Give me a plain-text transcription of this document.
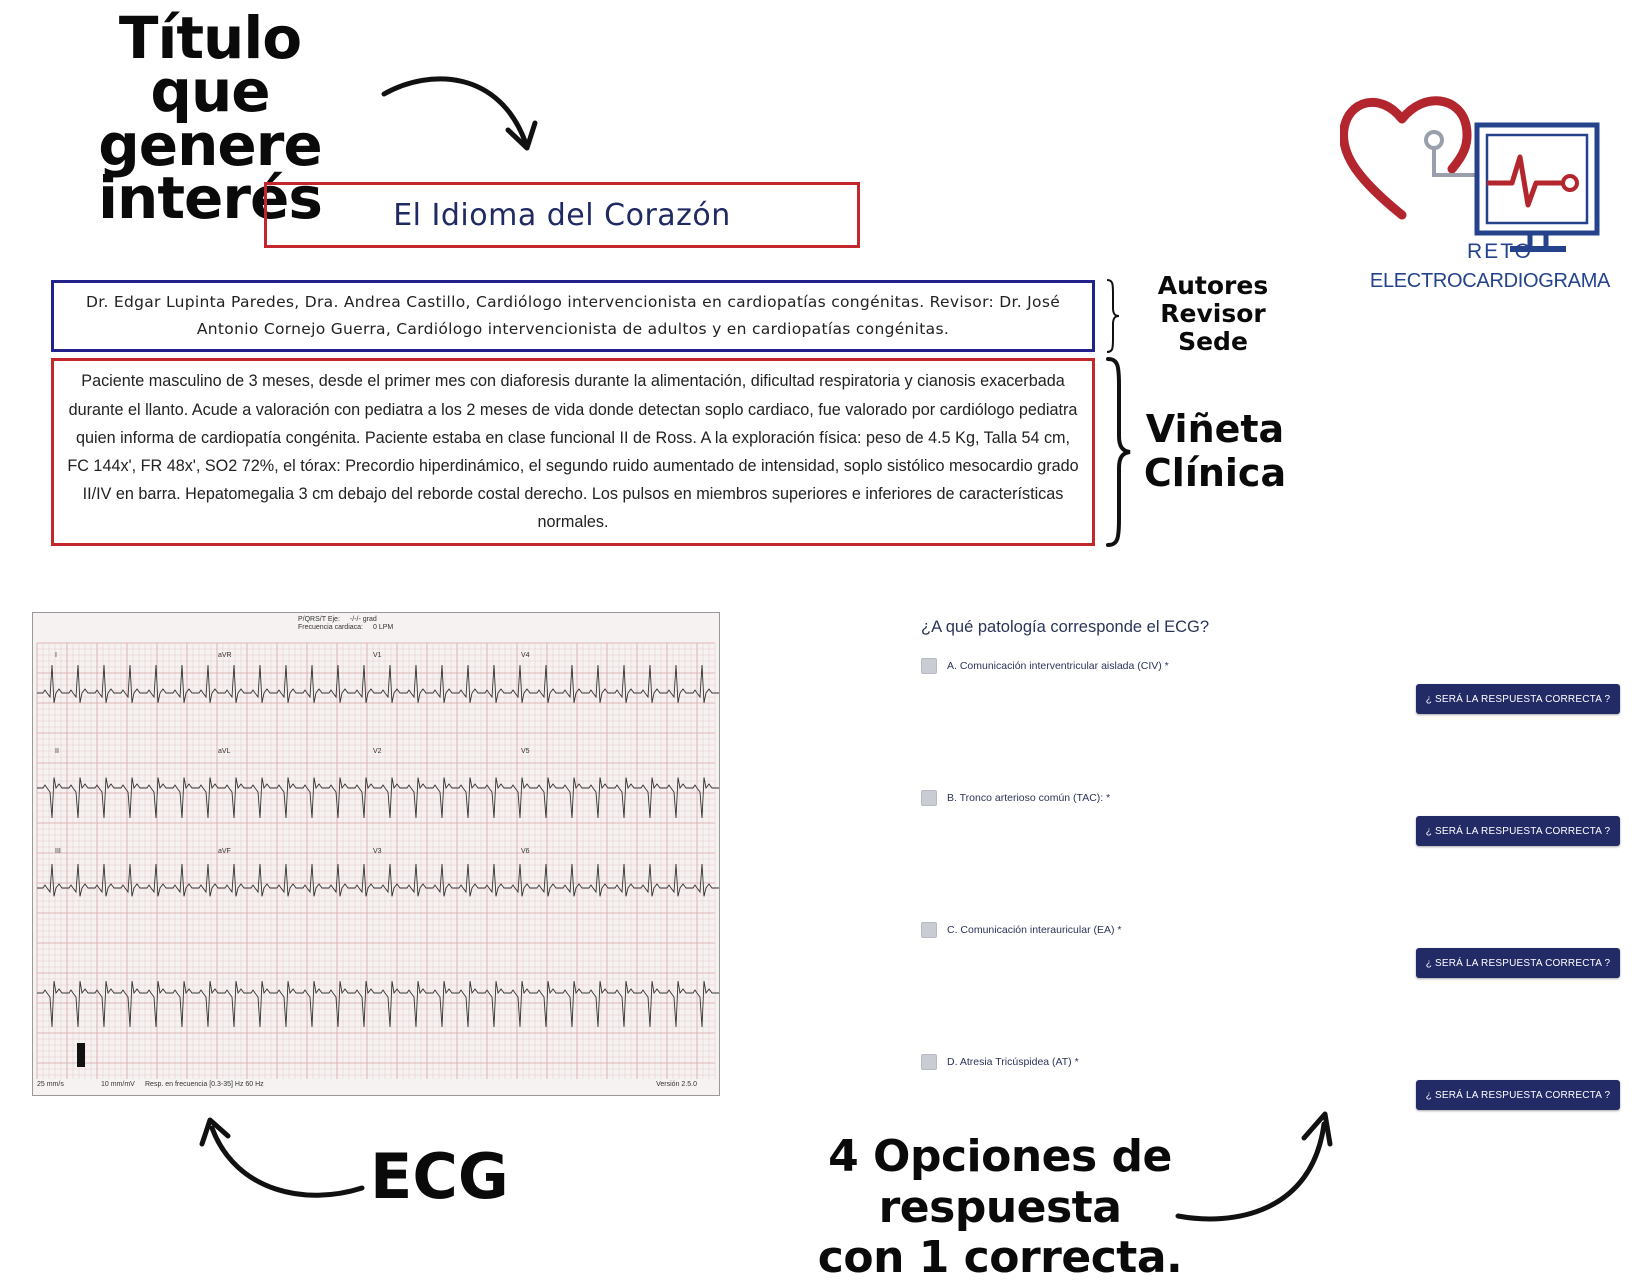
Título
que genere
interés	El Idioma del Corazón

Dr. Edgar Lupinta Paredes, Dra. Andrea Castillo, Cardiólogo intervencionista en cardiopatías congénitas. Revisor: Dr. José Antonio Cornejo Guerra, Cardiólogo intervencionista de adultos y en cardiopatías congénitas.

Autores
Revisor
Sede

Paciente masculino de 3 meses, desde el primer mes con diaforesis durante la alimentación, dificultad respiratoria y cianosis exacerbada durante el llanto. Acude a valoración con pediatra a los 2 meses de vida donde detectan soplo cardiaco, fue valorado por cardiólogo pediatra quien informa de cardiopatía congénita. Paciente estaba en clase funcional II de Ross. A la exploración física: peso de 4.5 Kg, Talla 54 cm, FC 144x', FR 48x', SO2 72%, el tórax: Precordio hiperdinámico, el segundo ruido aumentado de intensidad, soplo sistólico mesocardio grado II/IV en barra. Hepatomegalia 3 cm debajo del reborde costal derecho. Los pulsos en miembros superiores e inferiores de características normales.

Viñeta
Clínica
RETO
ELECTROCARDIOGRAMA
P/QRS/T Eje: -/-/- grad
Frecuencia cardiaca: 0 LPM
aVR	V1	V4
aVL	V2	V5
aVF	V3	V6
I
II
III
25 mm/s	10 mm/mV Resp. en frecuencia [0.3-35] Hz 60 Hz	Versión 2.5.0
ECG
¿A qué patología corresponde el ECG?
A. Comunicación interventricular aislada (CIV) *
¿ SERÁ LA RESPUESTA CORRECTA ?
B. Tronco arterioso común (TAC): *
¿ SERÁ LA RESPUESTA CORRECTA ?
C. Comunicación interauricular (EA) *
¿ SERÁ LA RESPUESTA CORRECTA ?
D. Atresia Tricúspidea (AT) *
¿ SERÁ LA RESPUESTA CORRECTA ?
4 Opciones de respuesta
con 1 correcta.
